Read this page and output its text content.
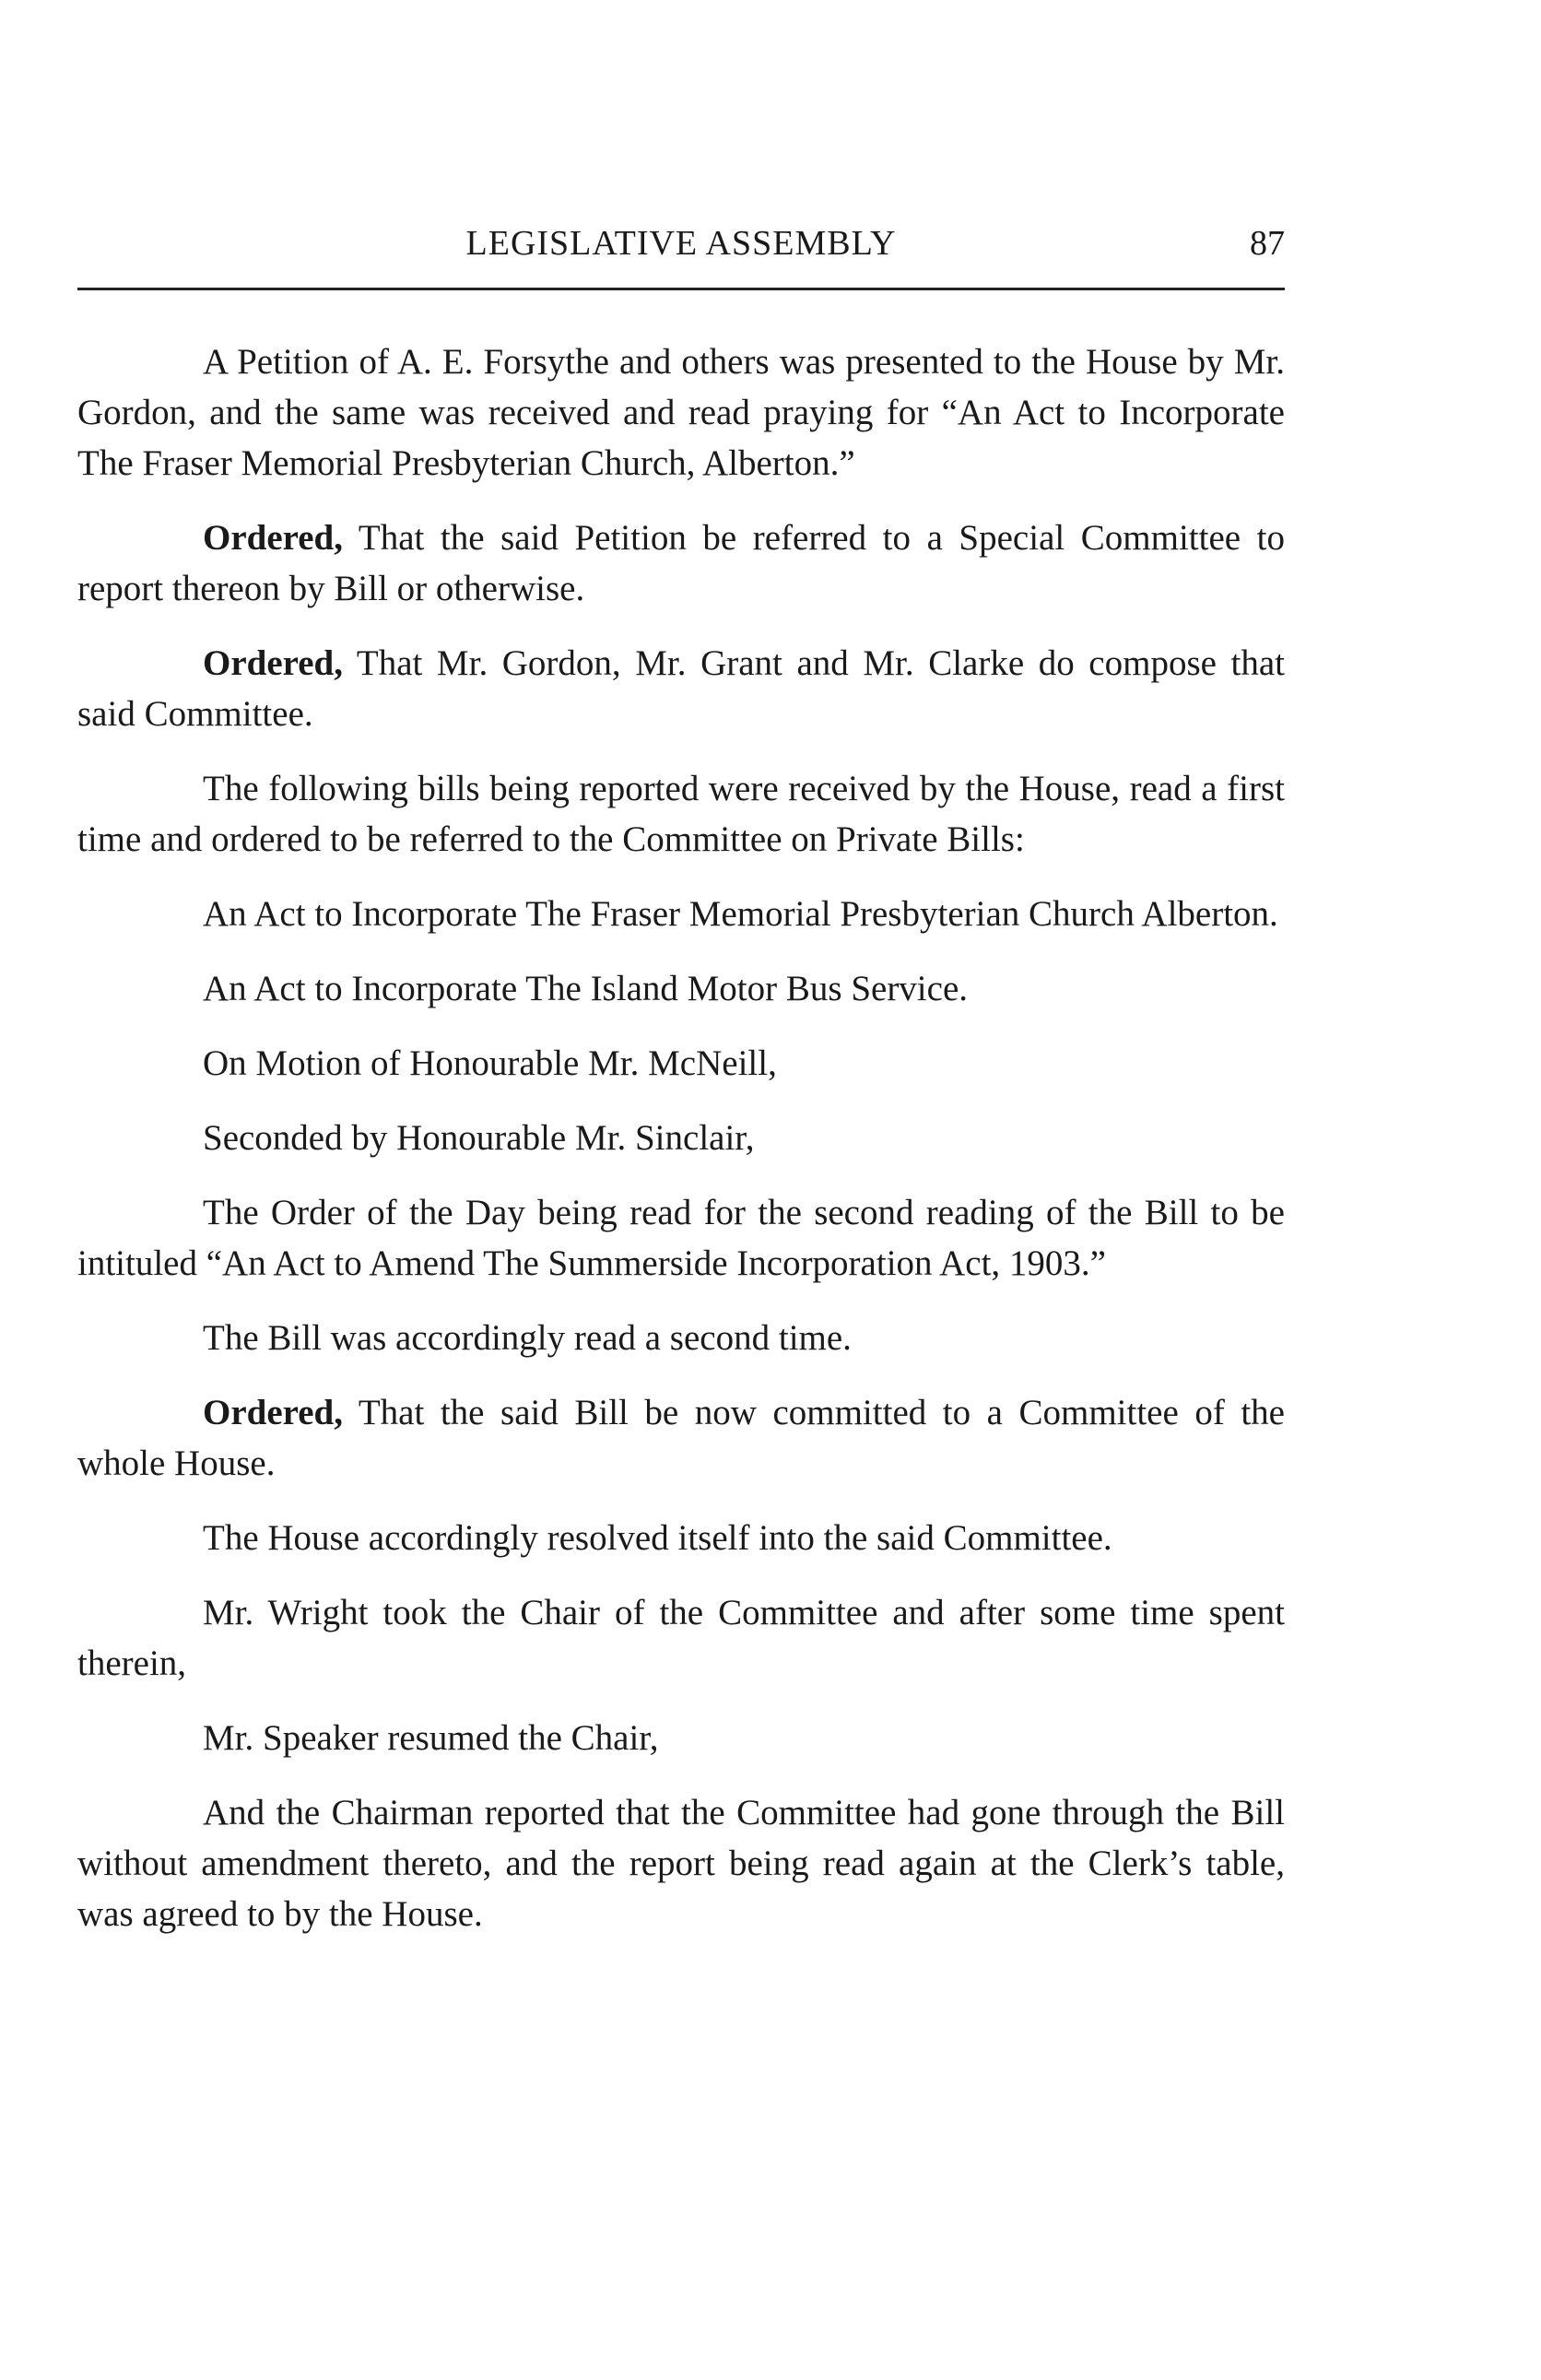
LEGISLATIVE ASSEMBLY	87

A Petition of A. E. Forsythe and others was presented to the House by Mr. Gordon, and the same was received and read praying for “An Act to Incorporate The Fraser Memorial Presbyterian Church, Alberton.”

Ordered, That the said Petition be referred to a Special Committee to report thereon by Bill or otherwise.

Ordered, That Mr. Gordon, Mr. Grant and Mr. Clarke do compose that said Committee.

The following bills being reported were received by the House, read a first time and ordered to be referred to the Committee on Private Bills:

An Act to Incorporate The Fraser Memorial Presbyterian Church Alberton.

An Act to Incorporate The Island Motor Bus Service.

On Motion of Honourable Mr. McNeill,

Seconded by Honourable Mr. Sinclair,

The Order of the Day being read for the second reading of the Bill to be intituled “An Act to Amend The Summerside Incorporation Act, 1903.”

The Bill was accordingly read a second time.

Ordered, That the said Bill be now committed to a Committee of the whole House.

The House accordingly resolved itself into the said Committee.

Mr. Wright took the Chair of the Committee and after some time spent therein,

Mr. Speaker resumed the Chair,

And the Chairman reported that the Committee had gone through the Bill without amendment thereto, and the report being read again at the Clerk’s table, was agreed to by the House.
